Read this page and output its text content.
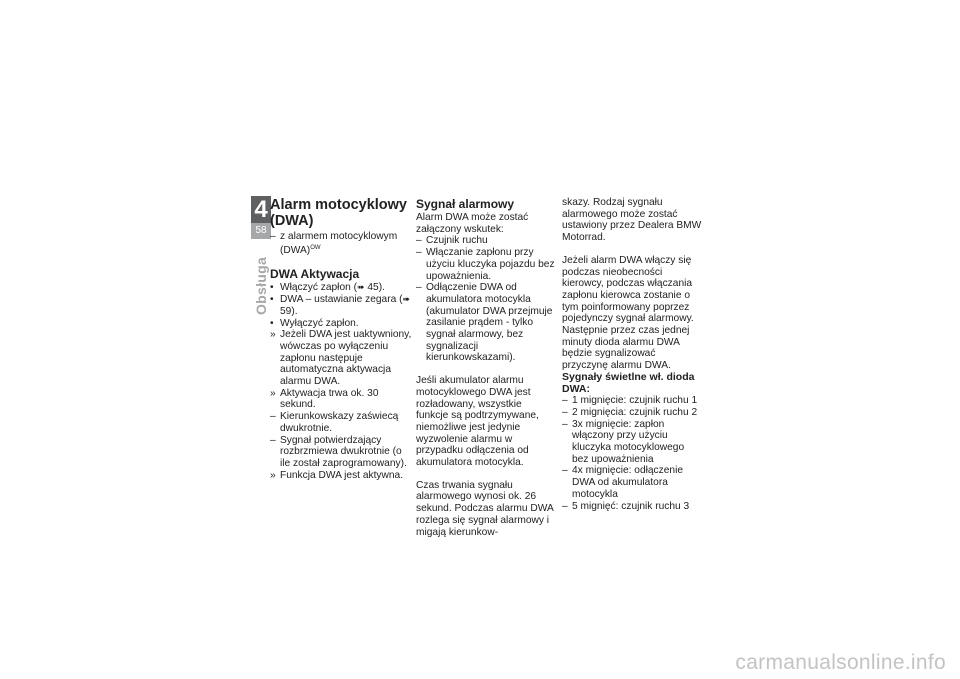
4
58
Obsługa
Alarm motocyklowy
(DWA)
– z alarmem motocyklowym (DWA)$^{OW}$
DWA Aktywacja
• Włączyć zapłon (➠ 45).
• DWA – ustawianie zegara (➠ 59).
• Wyłączyć zapłon.
» Jeżeli DWA jest uaktywniony, wówczas po wyłączeniu zapłonu następuje automatyczna aktywacja alarmu DWA.
» Aktywacja trwa ok. 30 sekund.
– Kierunkowskazy zaświecą dwukrotnie.
– Sygnał potwierdzający rozbrzmiewa dwukrotnie (o ile został zaprogramowany).
» Funkcja DWA jest aktywna.
Sygnał alarmowy

Alarm DWA może zostać załączony wskutek:

– Czujnik ruchu
– Włączanie zapłonu przy użyciu kluczyka pojazdu bez upoważnienia.
– Odłączenie DWA od akumulatora motocykla (akumulator DWA przejmuje zasilanie prądem - tylko sygnał alarmowy, bez sygnalizacji kierunkowskazami).

Jeśli akumulator alarmu motocyklowego DWA jest rozładowany, wszystkie funkcje są podtrzymywane, niemożliwe jest jedynie wyzwolenie alarmu w przypadku odłączenia od akumulatora motocykla.

Czas trwania sygnału alarmowego wynosi ok. 26 sekund. Podczas alarmu DWA rozlega się sygnał alarmowy i migają kierunkow-

skazy. Rodzaj sygnału alarmowego może zostać ustawiony przez Dealera BMW Motorrad.

Jeżeli alarm DWA włączy się podczas nieobecności kierowcy, podczas włączania zapłonu kierowca zostanie o tym poinformowany poprzez pojedynczy sygnał alarmowy. Następnie przez czas jednej minuty dioda alarmu DWA będzie sygnalizować przyczynę alarmu DWA.

Sygnały świetlne wł. dioda DWA:
– 1 mignięcie: czujnik ruchu 1
– 2 mignięcia: czujnik ruchu 2
– 3x mignięcie: zapłon włączony przy użyciu kluczyka motocyklowego bez upoważnienia
– 4x mignięcie: odłączenie DWA od akumulatora motocykla
– 5 mignięć: czujnik ruchu 3
carmanualsonline.info
